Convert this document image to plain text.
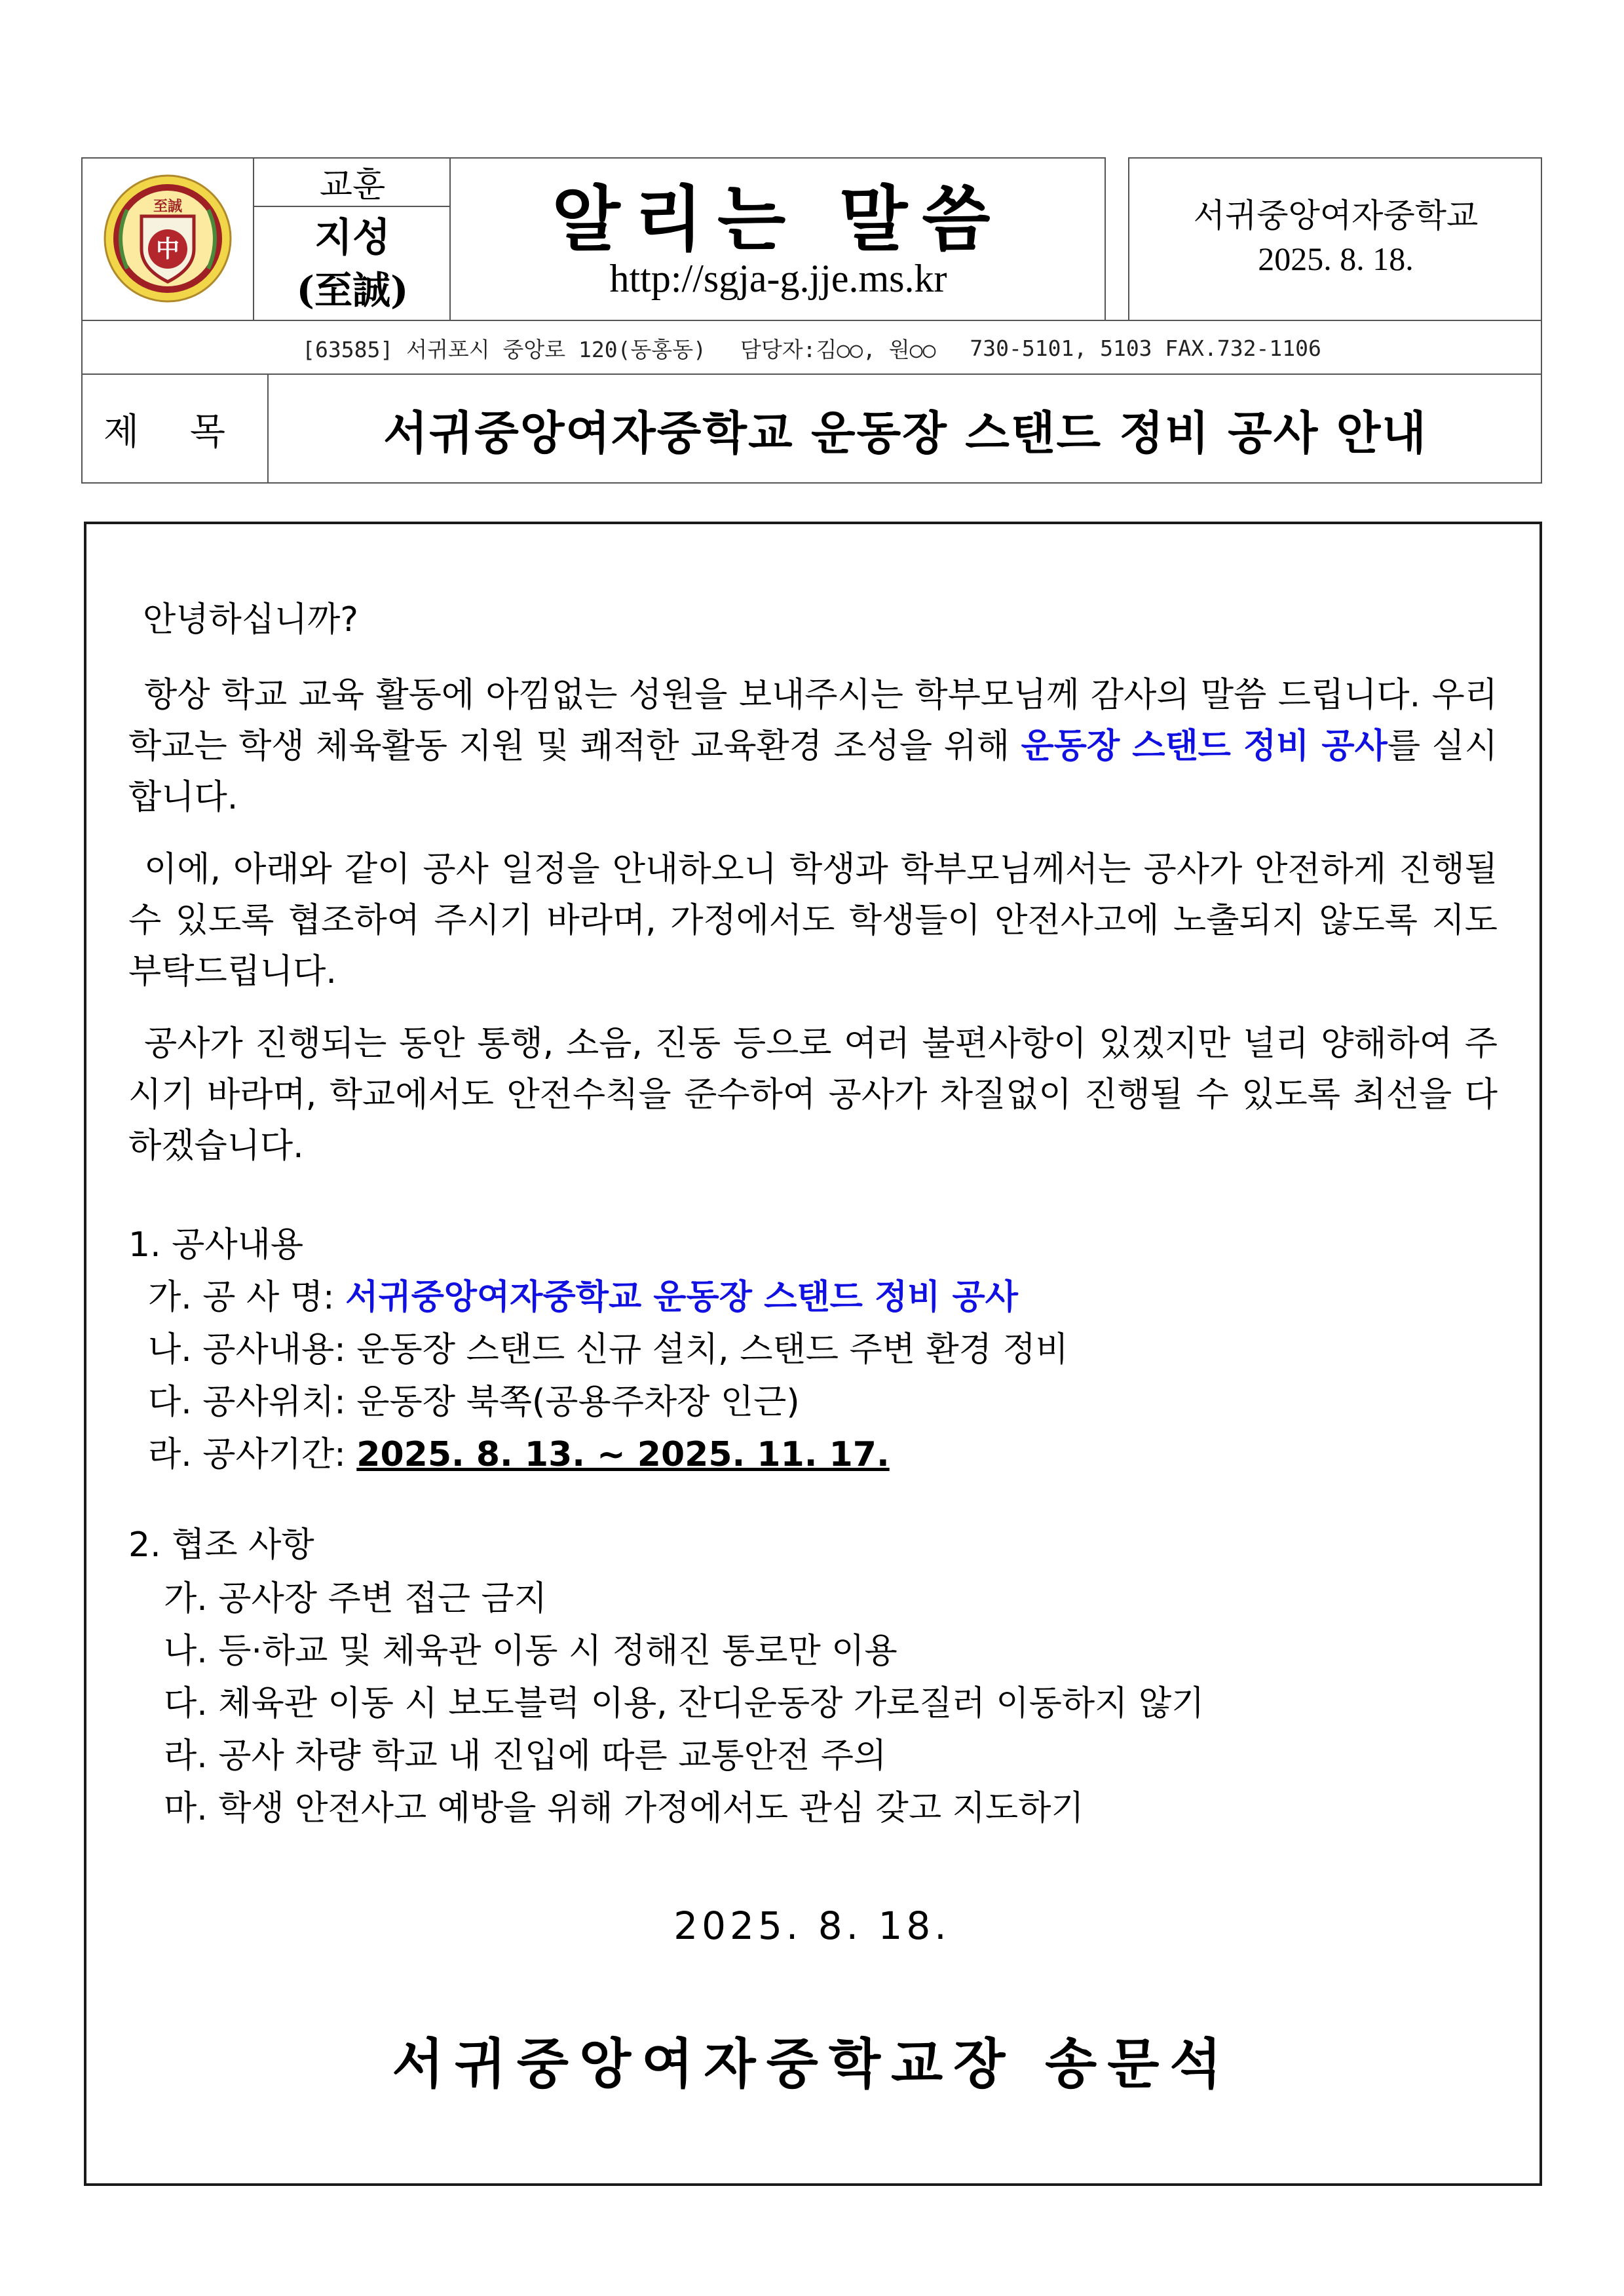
中
至誠
교훈
지성
(至誠)
알리는 말씀
http://sgja-g.jje.ms.kr
서귀중앙여자중학교
2025. 8. 18.
[63585] 서귀포시 중앙로 120(동홍동) 담당자:김○○, 원○○ 730-5101, 5103 FAX.732-1106
제 목	서귀중앙여자중학교 운동장 스탠드 정비 공사 안내
안녕하십니까?
항상 학교 교육 활동에 아낌없는 성원을 보내주시는 학부모님께 감사의 말씀 드립니다. 우리 학교는 학생 체육활동 지원 및 쾌적한 교육환경 조성을 위해 운동장 스탠드 정비 공사를 실시합니다.
이에, 아래와 같이 공사 일정을 안내하오니 학생과 학부모님께서는 공사가 안전하게 진행될 수 있도록 협조하여 주시기 바라며, 가정에서도 학생들이 안전사고에 노출되지 않도록 지도 부탁드립니다.
공사가 진행되는 동안 통행, 소음, 진동 등으로 여러 불편사항이 있겠지만 널리 양해하여 주시기 바라며, 학교에서도 안전수칙을 준수하여 공사가 차질없이 진행될 수 있도록 최선을 다하겠습니다.
1. 공사내용
가. 공 사 명: 서귀중앙여자중학교 운동장 스탠드 정비 공사
나. 공사내용: 운동장 스탠드 신규 설치, 스탠드 주변 환경 정비
다. 공사위치: 운동장 북쪽(공용주차장 인근)
라. 공사기간: 2025. 8. 13. ~ 2025. 11. 17.
2. 협조 사항
가. 공사장 주변 접근 금지
나. 등·하교 및 체육관 이동 시 정해진 통로만 이용
다. 체육관 이동 시 보도블럭 이용, 잔디운동장 가로질러 이동하지 않기
라. 공사 차량 학교 내 진입에 따른 교통안전 주의
마. 학생 안전사고 예방을 위해 가정에서도 관심 갖고 지도하기
2025. 8. 18.
서귀중앙여자중학교장 송문석
